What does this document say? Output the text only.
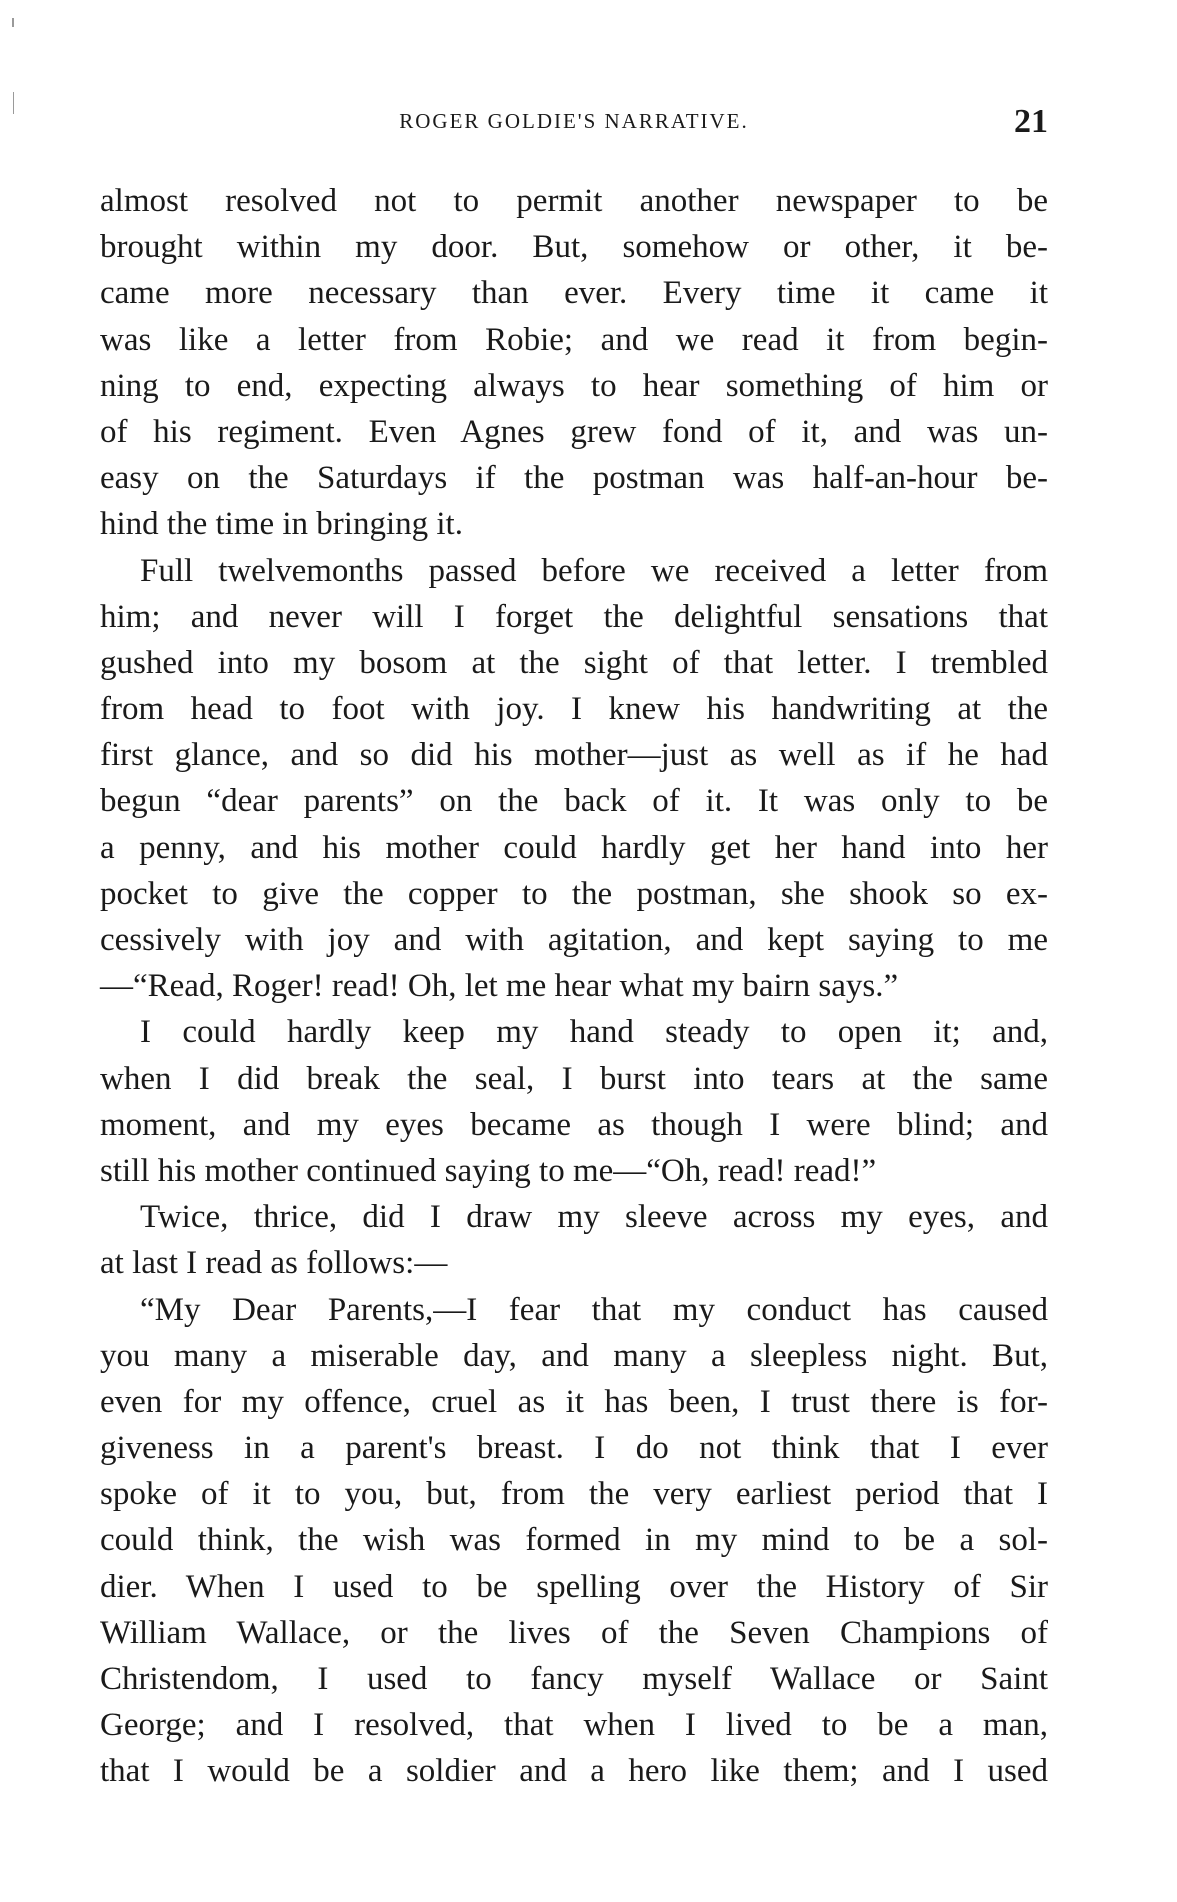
ROGER GOLDIE'S NARRATIVE.	21
almost resolved not to permit another newspaper to be
brought within my door. But, somehow or other, it be-
came more necessary than ever. Every time it came it
was like a letter from Robie; and we read it from begin-
ning to end, expecting always to hear something of him or
of his regiment. Even Agnes grew fond of it, and was un-
easy on the Saturdays if the postman was half-an-hour be-
hind the time in bringing it.
Full twelvemonths passed before we received a letter from
him; and never will I forget the delightful sensations that
gushed into my bosom at the sight of that letter. I trembled
from head to foot with joy. I knew his handwriting at the
first glance, and so did his mother—just as well as if he had
begun “dear parents” on the back of it. It was only to be
a penny, and his mother could hardly get her hand into her
pocket to give the copper to the postman, she shook so ex-
cessively with joy and with agitation, and kept saying to me
—“Read, Roger! read! Oh, let me hear what my bairn says.”
I could hardly keep my hand steady to open it; and,
when I did break the seal, I burst into tears at the same
moment, and my eyes became as though I were blind; and
still his mother continued saying to me—“Oh, read! read!”
Twice, thrice, did I draw my sleeve across my eyes, and
at last I read as follows:—
“My Dear Parents,—I fear that my conduct has caused
you many a miserable day, and many a sleepless night. But,
even for my offence, cruel as it has been, I trust there is for-
giveness in a parent's breast. I do not think that I ever
spoke of it to you, but, from the very earliest period that I
could think, the wish was formed in my mind to be a sol-
dier. When I used to be spelling over the History of Sir
William Wallace, or the lives of the Seven Champions of
Christendom, I used to fancy myself Wallace or Saint
George; and I resolved, that when I lived to be a man,
that I would be a soldier and a hero like them; and I used
